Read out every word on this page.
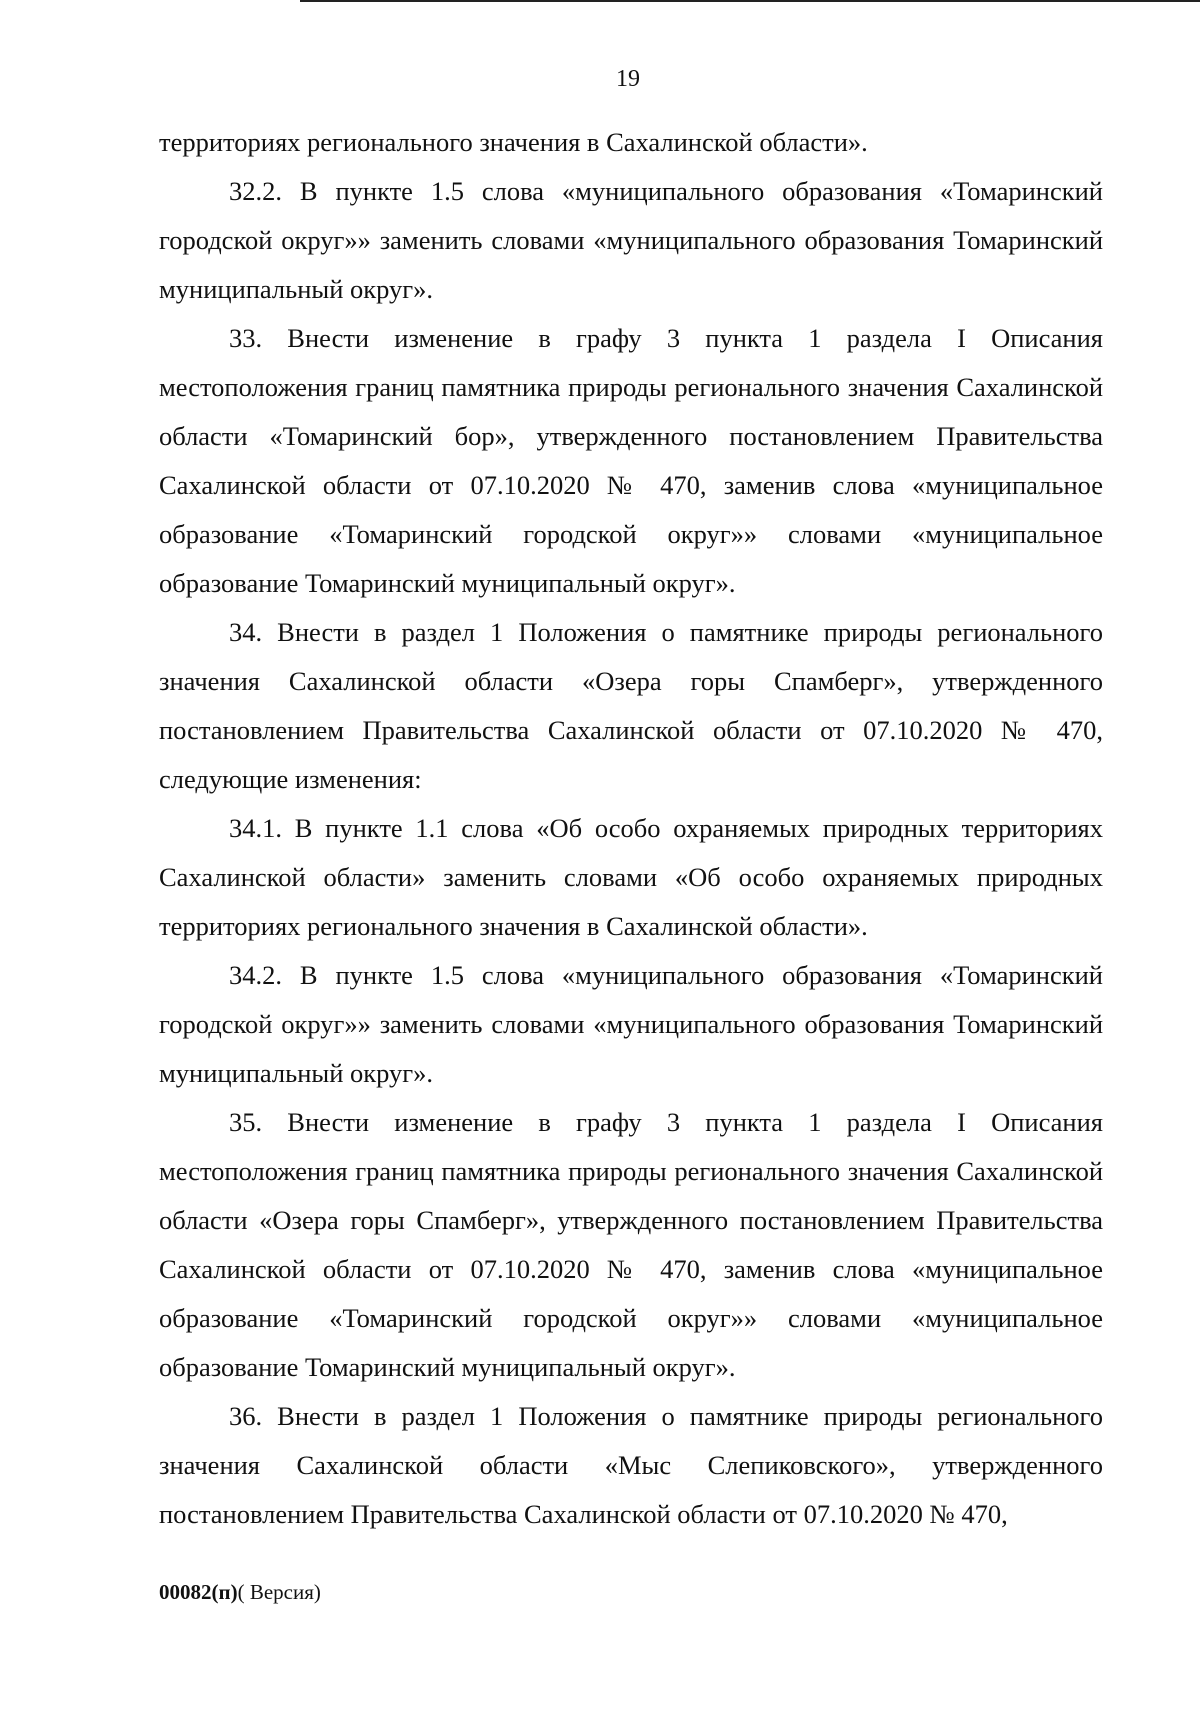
19

территориях регионального значения в Сахалинской области».

32.2. В пункте 1.5 слова «муниципального образования «Томаринский городской округ»» заменить словами «муниципального образования Томаринский муниципальный округ».

33. Внести изменение в графу 3 пункта 1 раздела I Описания местоположения границ памятника природы регионального значения Сахалинской области «Томаринский бор», утвержденного постановлением Правительства Сахалинской области от 07.10.2020 № 470, заменив слова «муниципальное образование «Томаринский городской округ»» словами «муниципальное образование Томаринский муниципальный округ».

34. Внести в раздел 1 Положения о памятнике природы регионального значения Сахалинской области «Озера горы Спамберг», утвержденного постановлением Правительства Сахалинской области от 07.10.2020 № 470, следующие изменения:

34.1. В пункте 1.1 слова «Об особо охраняемых природных территориях Сахалинской области» заменить словами «Об особо охраняемых природных территориях регионального значения в Сахалинской области».

34.2. В пункте 1.5 слова «муниципального образования «Томаринский городской округ»» заменить словами «муниципального образования Томаринский муниципальный округ».

35. Внести изменение в графу 3 пункта 1 раздела I Описания местоположения границ памятника природы регионального значения Сахалинской области «Озера горы Спамберг», утвержденного постановлением Правительства Сахалинской области от 07.10.2020 № 470, заменив слова «муниципальное образование «Томаринский городской округ»» словами «муниципальное образование Томаринский муниципальный округ».

36. Внести в раздел 1 Положения о памятнике природы регионального значения Сахалинской области «Мыс Слепиковского», утвержденного постановлением Правительства Сахалинской области от 07.10.2020 № 470,

00082(п)( Версия)
